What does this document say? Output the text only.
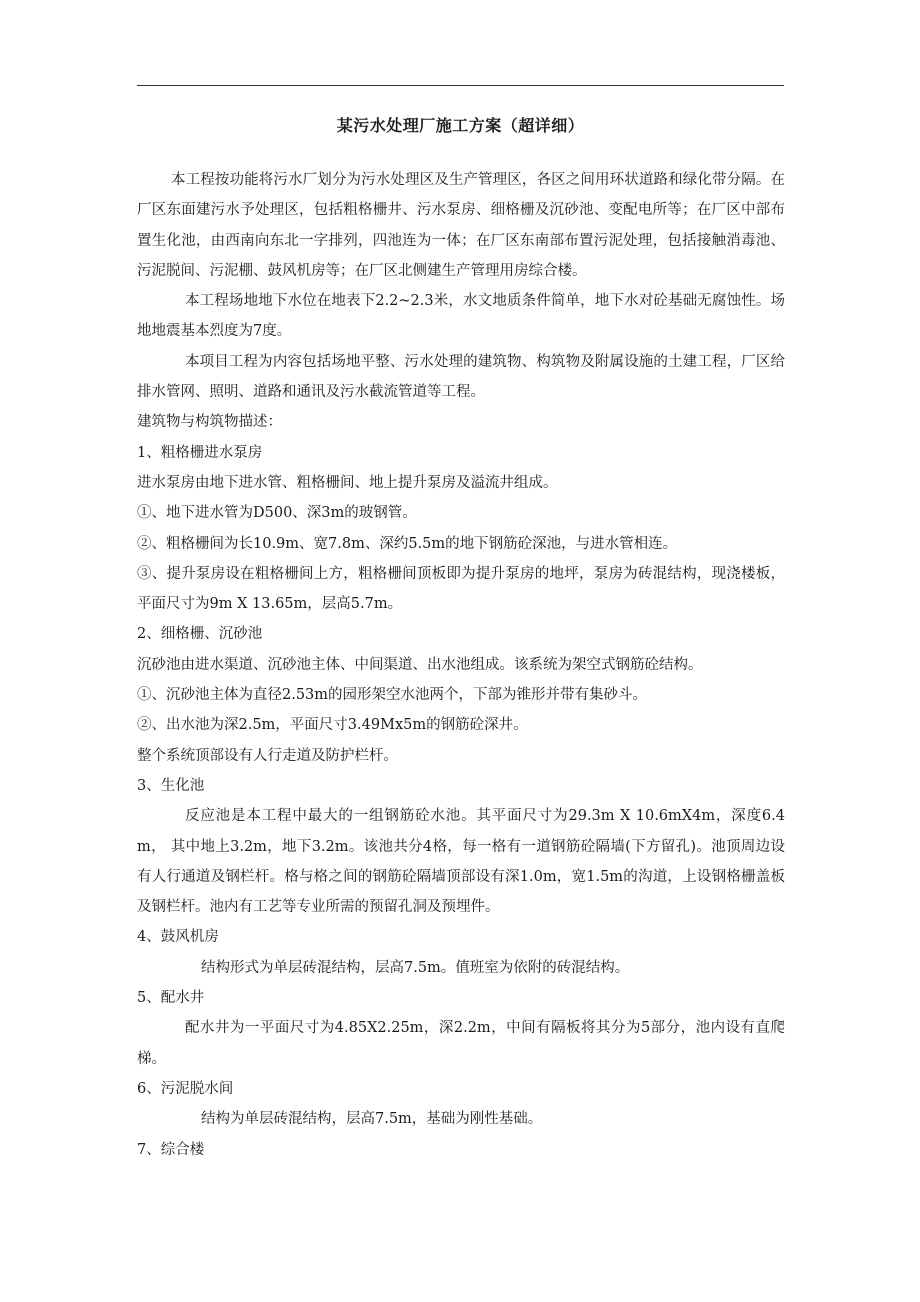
某污水处理厂施工方案（超详细）

本工程按功能将污水厂划分为污水处理区及生产管理区，各区之间用环状道路和绿化带分隔。在厂区东面建污水予处理区，包括粗格栅井、污水泵房、细格栅及沉砂池、变配电所等；在厂区中部布置生化池，由西南向东北一字排列，四池连为一体；在厂区东南部布置污泥处理，包括接触消毒池、污泥脱间、污泥棚、鼓风机房等；在厂区北侧建生产管理用房综合楼。

本工程场地地下水位在地表下2.2~2.3米，水文地质条件简单，地下水对砼基础无腐蚀性。场地地震基本烈度为7度。

本项目工程为内容包括场地平整、污水处理的建筑物、构筑物及附属设施的土建工程，厂区给排水管网、照明、道路和通讯及污水截流管道等工程。

建筑物与构筑物描述：

1、粗格栅进水泵房

进水泵房由地下进水管、粗格栅间、地上提升泵房及溢流井组成。

①、地下进水管为D500、深3m的玻钢管。

②、粗格栅间为长10.9m、宽7.8m、深约5.5m的地下钢筋砼深池，与进水管相连。

③、提升泵房设在粗格栅间上方，粗格栅间顶板即为提升泵房的地坪，泵房为砖混结构，现浇楼板，平面尺寸为9m X 13.65m，层高5.7m。

2、细格栅、沉砂池

沉砂池由进水渠道、沉砂池主体、中间渠道、出水池组成。该系统为架空式钢筋砼结构。

①、沉砂池主体为直径2.53m的园形架空水池两个，下部为锥形并带有集砂斗。

②、出水池为深2.5m，平面尺寸3.49Mx5m的钢筋砼深井。

整个系统顶部设有人行走道及防护栏杆。

3、生化池

反应池是本工程中最大的一组钢筋砼水池。其平面尺寸为29.3m X 10.6mX4m，深度6.4m， 其中地上3.2m，地下3.2m。该池共分4格，每一格有一道钢筋砼隔墙(下方留孔)。池顶周边设有人行通道及钢栏杆。格与格之间的钢筋砼隔墙顶部设有深1.0m，宽1.5m的沟道，上设钢格栅盖板及钢栏杆。池内有工艺等专业所需的预留孔洞及预埋件。

4、鼓风机房

结构形式为单层砖混结构，层高7.5m。值班室为依附的砖混结构。

5、配水井

配水井为一平面尺寸为4.85X2.25m，深2.2m，中间有隔板将其分为5部分，池内设有直爬梯。

6、污泥脱水间

结构为单层砖混结构，层高7.5m，基础为刚性基础。

7、综合楼
